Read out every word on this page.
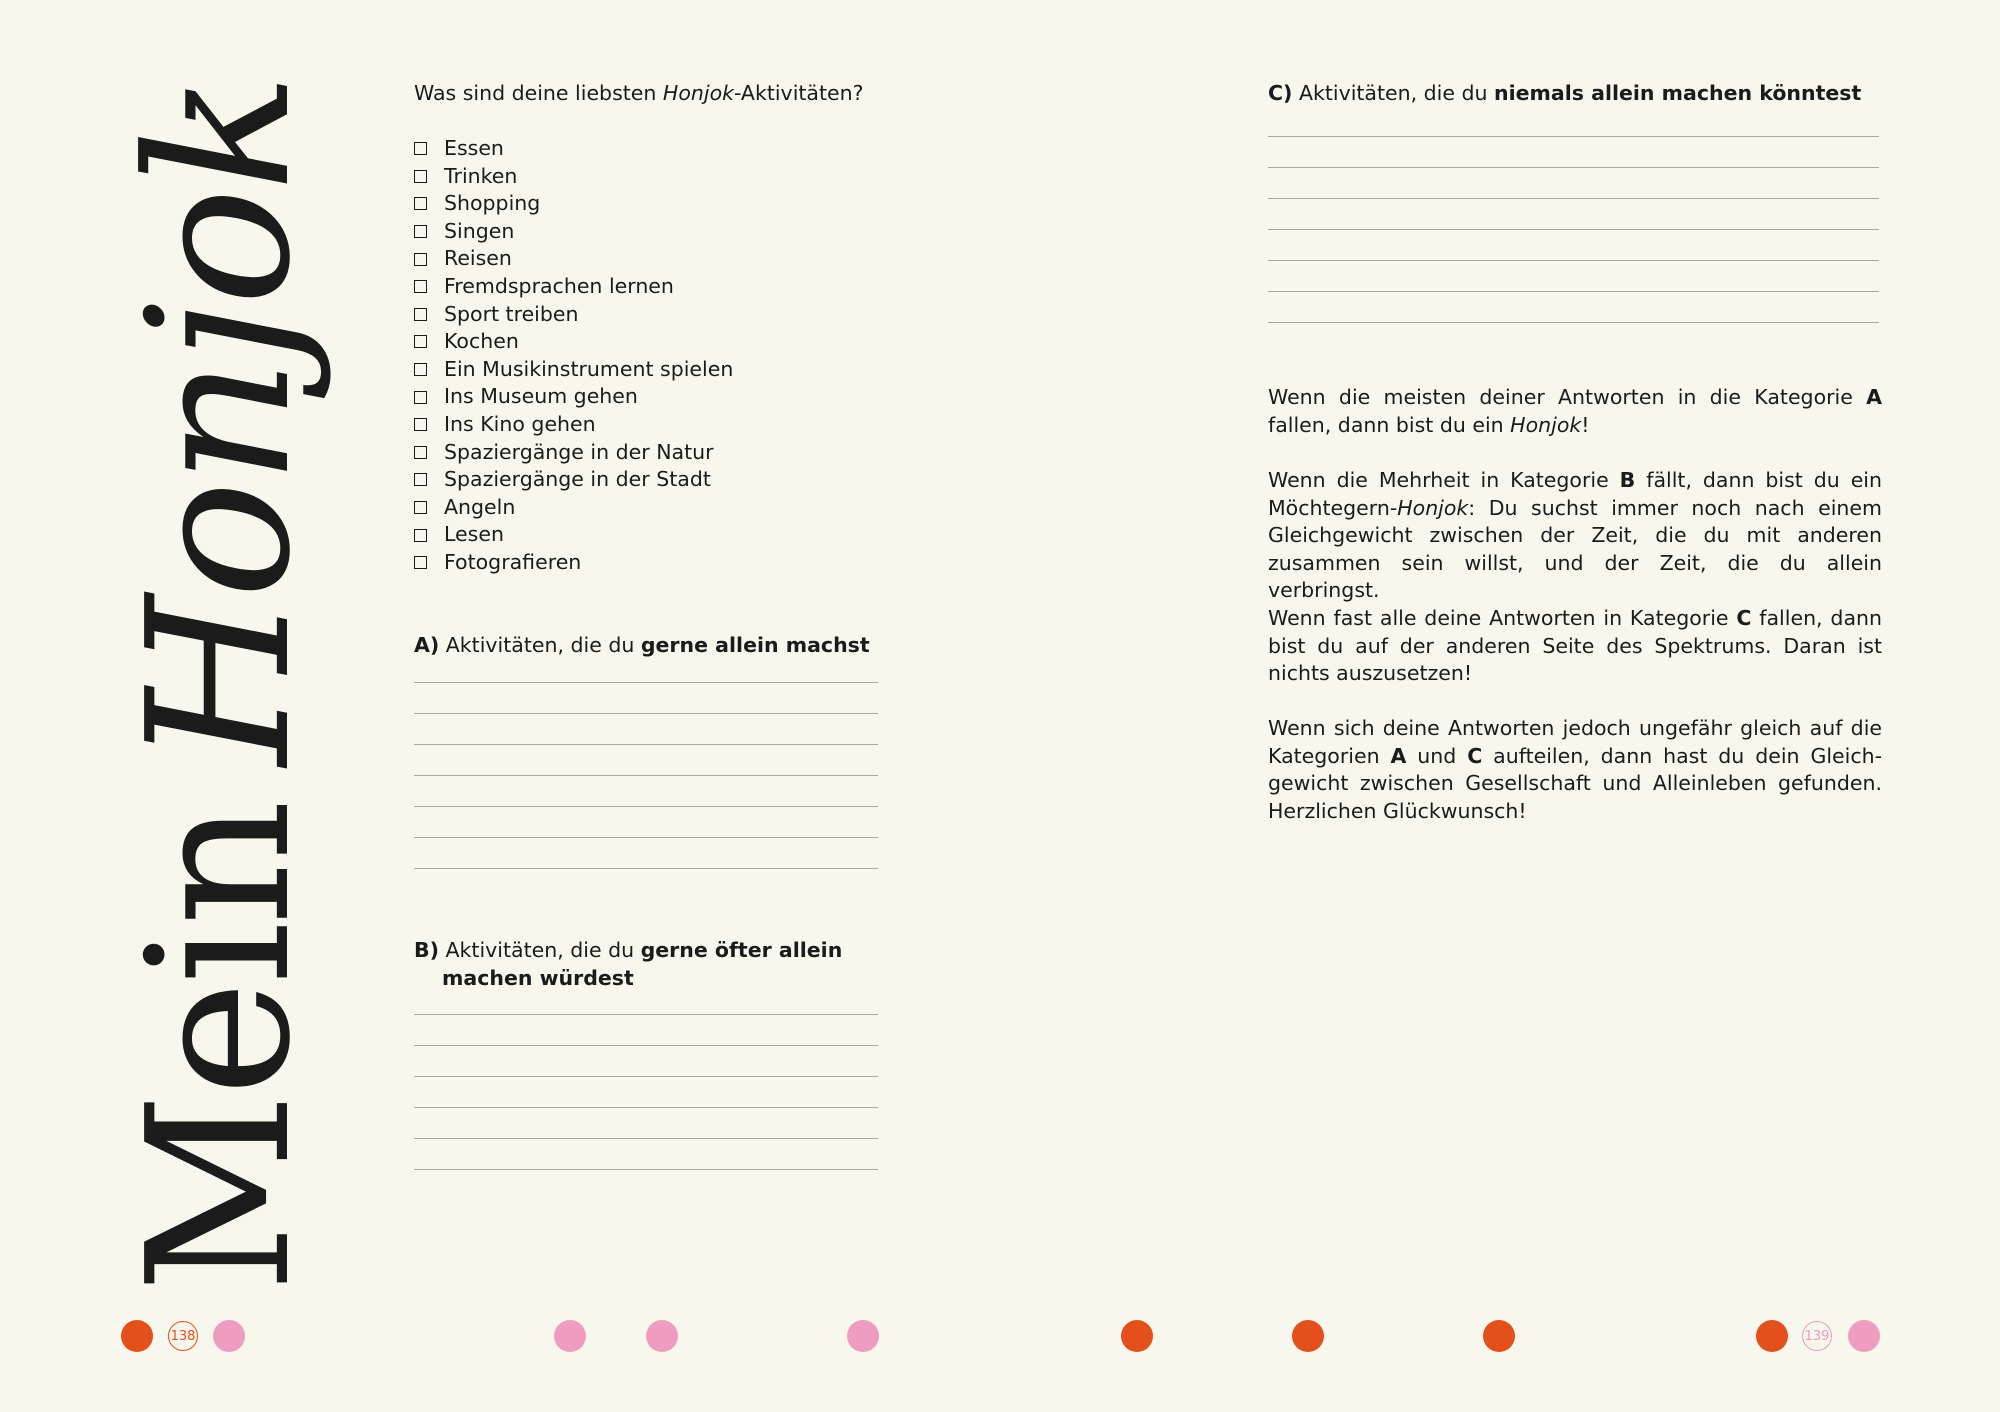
Mein
Honjok	Was sind deine liebsten Honjok-Aktivitäten?
Essen
Trinken
Shopping
Singen
Reisen
Fremdsprachen lernen
Sport treiben
Kochen
Ein Musikinstrument spielen
Ins Museum gehen
Ins Kino gehen
Spaziergänge in der Natur
Spaziergänge in der Stadt
Angeln
Lesen
Fotografieren
A) Aktivitäten, die du gerne allein machst
B) Aktivitäten, die du gerne öfter allein
machen würdest
C) Aktivitäten, die du niemals allein machen könntest

Wenn die meisten deiner Antworten in die Kategorie A fallen, dann bist du ein Honjok!

Wenn die Mehrheit in Kategorie B fällt, dann bist du ein Möchtegern-Honjok: Du suchst immer noch nach einem Gleichgewicht zwischen der Zeit, die du mit anderen zusammen sein willst, und der Zeit, die du allein verbringst.

Wenn fast alle deine Antworten in Kategorie C fallen, dann bist du auf der anderen Seite des Spektrums. Daran ist nichts auszusetzen!

Wenn sich deine Antworten jedoch ungefähr gleich auf die Kategorien A und C aufteilen, dann hast du dein Gleichgewicht zwischen Gesellschaft und Alleinleben gefunden. Herzlichen Glückwunsch!

138	139
